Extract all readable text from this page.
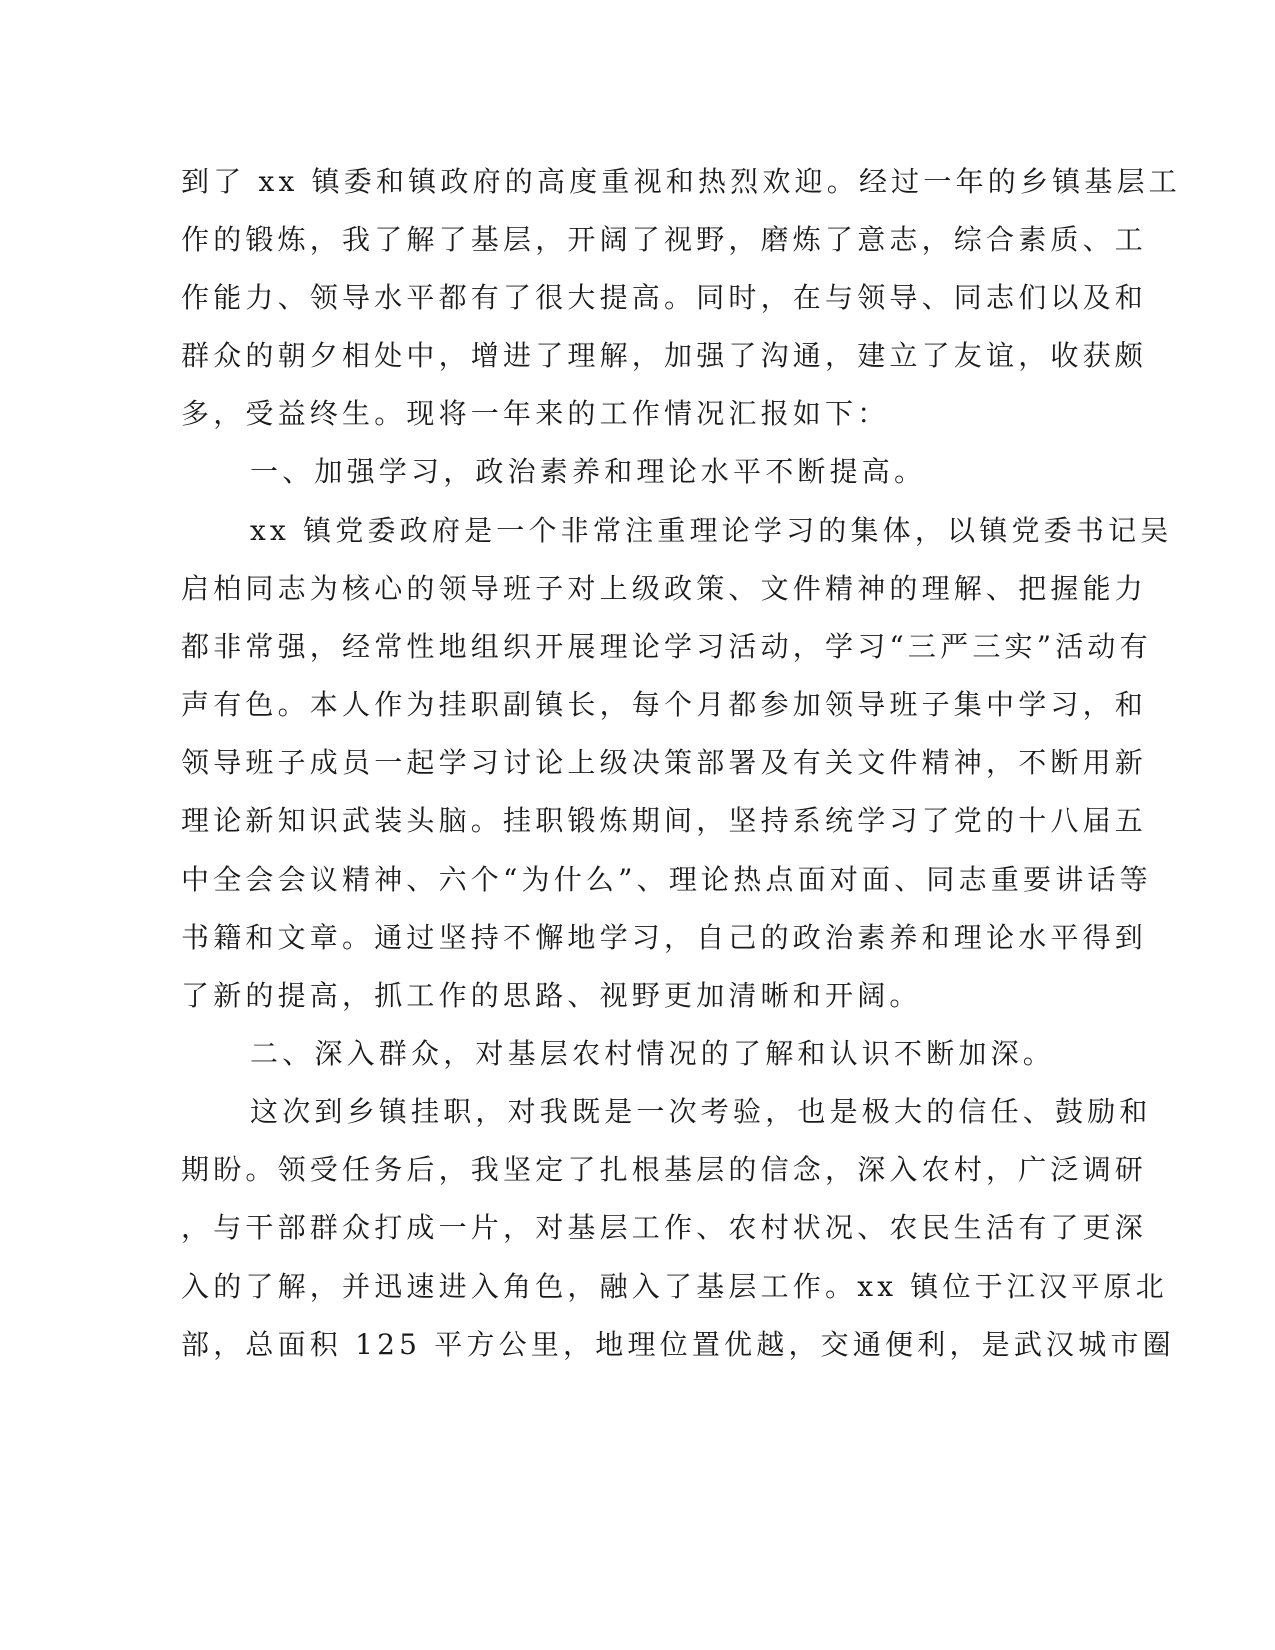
到了 xx 镇委和镇政府的高度重视和热烈欢迎。经过一年的乡镇基层工
作的锻炼，我了解了基层，开阔了视野，磨炼了意志，综合素质、工
作能力、领导水平都有了很大提高。同时，在与领导、同志们以及和
群众的朝夕相处中，增进了理解，加强了沟通，建立了友谊，收获颇
多，受益终生。现将一年来的工作情况汇报如下：
一、加强学习，政治素养和理论水平不断提高。
xx 镇党委政府是一个非常注重理论学习的集体，以镇党委书记吴
启柏同志为核心的领导班子对上级政策、文件精神的理解、把握能力
都非常强，经常性地组织开展理论学习活动，学习“三严三实”活动有
声有色。本人作为挂职副镇长，每个月都参加领导班子集中学习，和
领导班子成员一起学习讨论上级决策部署及有关文件精神，不断用新
理论新知识武装头脑。挂职锻炼期间，坚持系统学习了党的十八届五
中全会会议精神、六个“为什么”、理论热点面对面、同志重要讲话等
书籍和文章。通过坚持不懈地学习，自己的政治素养和理论水平得到
了新的提高，抓工作的思路、视野更加清晰和开阔。
二、深入群众，对基层农村情况的了解和认识不断加深。
这次到乡镇挂职，对我既是一次考验，也是极大的信任、鼓励和
期盼。领受任务后，我坚定了扎根基层的信念，深入农村，广泛调研
，与干部群众打成一片，对基层工作、农村状况、农民生活有了更深
入的了解，并迅速进入角色，融入了基层工作。xx 镇位于江汉平原北
部，总面积 125 平方公里，地理位置优越，交通便利，是武汉城市圈
